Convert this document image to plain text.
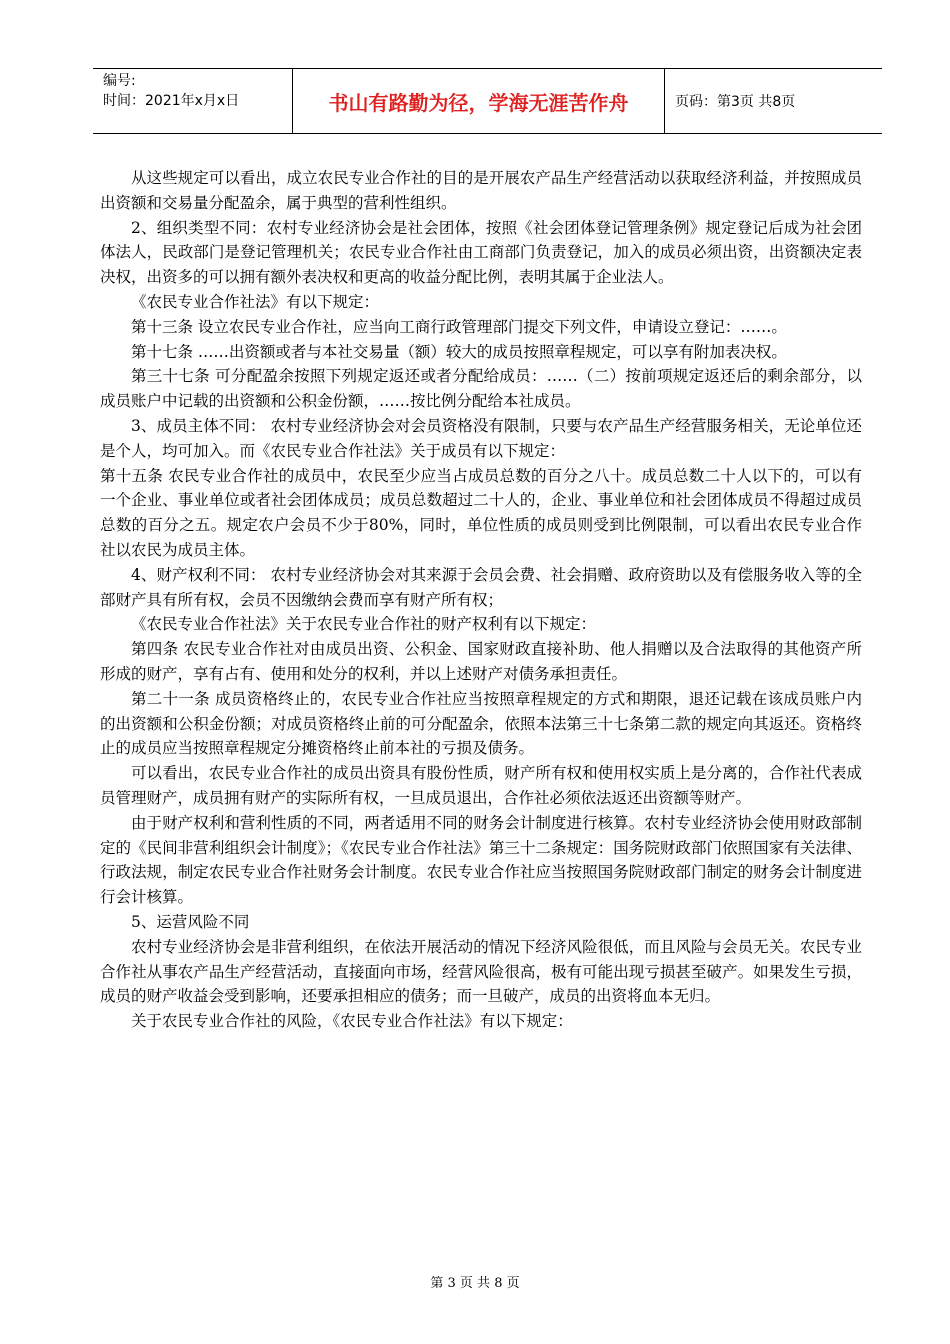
编号:
时间：2021年x月x日	书山有路勤为径，学海无涯苦作舟	页码：第3页 共8页

从这些规定可以看出，成立农民专业合作社的目的是开展农产品生产经营活动以获取经济利益，并按照成员出资额和交易量分配盈余，属于典型的营利性组织。

2、组织类型不同：农村专业经济协会是社会团体，按照《社会团体登记管理条例》规定登记后成为社会团体法人，民政部门是登记管理机关；农民专业合作社由工商部门负责登记，加入的成员必须出资，出资额决定表决权，出资多的可以拥有额外表决权和更高的收益分配比例，表明其属于企业法人。

《农民专业合作社法》有以下规定：

第十三条 设立农民专业合作社，应当向工商行政管理部门提交下列文件，申请设立登记：……。

第十七条 ……出资额或者与本社交易量（额）较大的成员按照章程规定，可以享有附加表决权。

第三十七条 可分配盈余按照下列规定返还或者分配给成员：……（二）按前项规定返还后的剩余部分，以成员账户中记载的出资额和公积金份额，……按比例分配给本社成员。

3、成员主体不同： 农村专业经济协会对会员资格没有限制，只要与农产品生产经营服务相关，无论单位还是个人，均可加入。而《农民专业合作社法》关于成员有以下规定：

第十五条 农民专业合作社的成员中，农民至少应当占成员总数的百分之八十。成员总数二十人以下的，可以有一个企业、事业单位或者社会团体成员；成员总数超过二十人的，企业、事业单位和社会团体成员不得超过成员总数的百分之五。规定农户会员不少于80%，同时，单位性质的成员则受到比例限制，可以看出农民专业合作社以农民为成员主体。

4、财产权利不同： 农村专业经济协会对其来源于会员会费、社会捐赠、政府资助以及有偿服务收入等的全部财产具有所有权，会员不因缴纳会费而享有财产所有权；

《农民专业合作社法》关于农民专业合作社的财产权利有以下规定：

第四条 农民专业合作社对由成员出资、公积金、国家财政直接补助、他人捐赠以及合法取得的其他资产所形成的财产，享有占有、使用和处分的权利，并以上述财产对债务承担责任。

第二十一条 成员资格终止的，农民专业合作社应当按照章程规定的方式和期限，退还记载在该成员账户内的出资额和公积金份额；对成员资格终止前的可分配盈余，依照本法第三十七条第二款的规定向其返还。资格终止的成员应当按照章程规定分摊资格终止前本社的亏损及债务。

可以看出，农民专业合作社的成员出资具有股份性质，财产所有权和使用权实质上是分离的，合作社代表成员管理财产，成员拥有财产的实际所有权，一旦成员退出，合作社必须依法返还出资额等财产。

由于财产权利和营利性质的不同，两者适用不同的财务会计制度进行核算。农村专业经济协会使用财政部制定的《民间非营利组织会计制度》；《农民专业合作社法》第三十二条规定：国务院财政部门依照国家有关法律、行政法规，制定农民专业合作社财务会计制度。农民专业合作社应当按照国务院财政部门制定的财务会计制度进行会计核算。

5、运营风险不同

农村专业经济协会是非营利组织，在依法开展活动的情况下经济风险很低，而且风险与会员无关。农民专业合作社从事农产品生产经营活动，直接面向市场，经营风险很高，极有可能出现亏损甚至破产。如果发生亏损，成员的财产收益会受到影响，还要承担相应的债务；而一旦破产，成员的出资将血本无归。

关于农民专业合作社的风险，《农民专业合作社法》有以下规定：

第 3 页 共 8 页
